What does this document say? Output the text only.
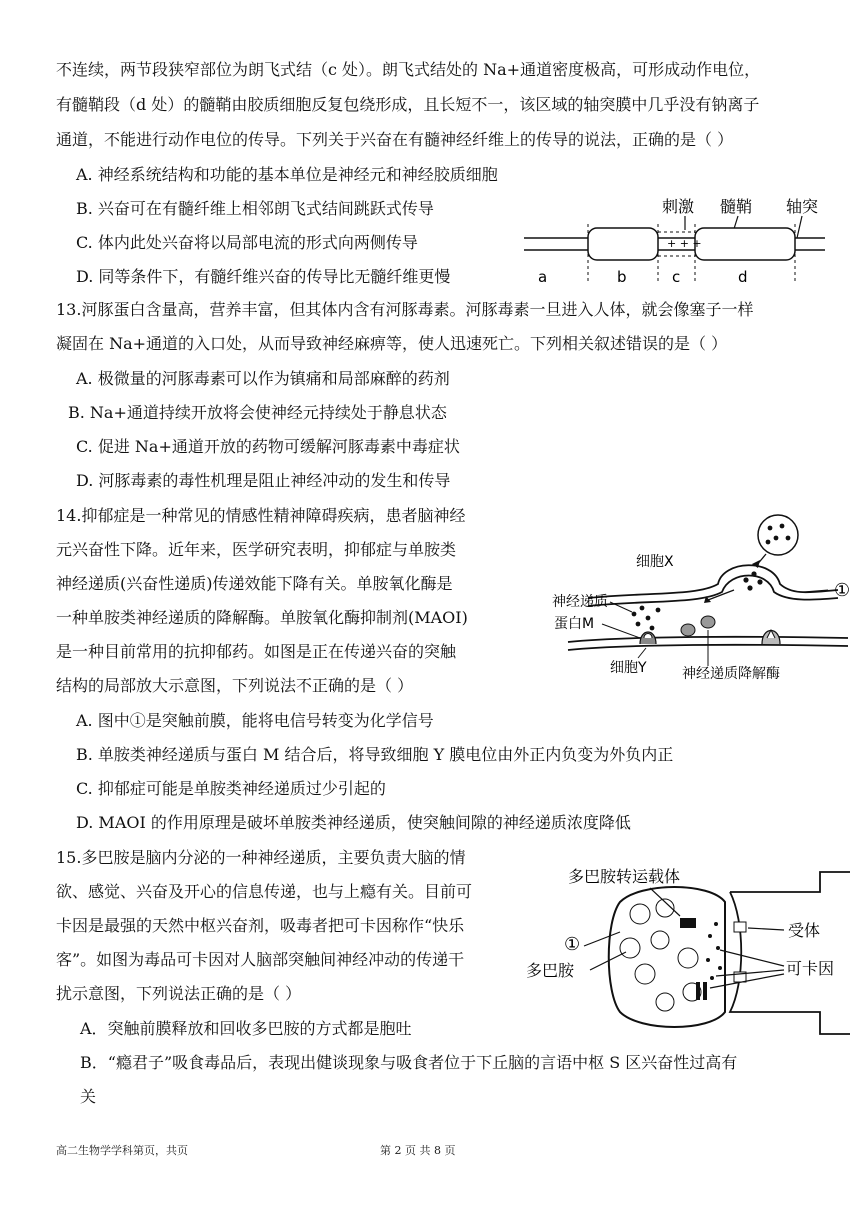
不连续，两节段狭窄部位为朗飞式结（c 处）。朗飞式结处的 Na+通道密度极高，可形成动作电位，
有髓鞘段（d 处）的髓鞘由胶质细胞反复包绕形成，且长短不一，该区域的轴突膜中几乎没有钠离子
通道，不能进行动作电位的传导。下列关于兴奋在有髓神经纤维上的传导的说法，正确的是（ ）
A. 神经系统结构和功能的基本单位是神经元和神经胶质细胞
B. 兴奋可在有髓纤维上相邻朗飞式结间跳跃式传导
C. 体内此处兴奋将以局部电流的形式向两侧传导
D. 同等条件下，有髓纤维兴奋的传导比无髓纤维更慢
刺激 髓鞘 轴突
+ + +
a	b	c	d
13.河豚蛋白含量高，营养丰富，但其体内含有河豚毒素。河豚毒素一旦进入人体，就会像塞子一样
凝固在 Na+通道的入口处，从而导致神经麻痹等，使人迅速死亡。下列相关叙述错误的是（ ）
A. 极微量的河豚毒素可以作为镇痛和局部麻醉的药剂
B. Na+通道持续开放将会使神经元持续处于静息状态
C. 促进 Na+通道开放的药物可缓解河豚毒素中毒症状
D. 河豚毒素的毒性机理是阻止神经冲动的发生和传导
14.抑郁症是一种常见的情感性精神障碍疾病，患者脑神经
元兴奋性下降。近年来，医学研究表明，抑郁症与单胺类
神经递质(兴奋性递质)传递效能下降有关。单胺氧化酶是
一种单胺类神经递质的降解酶。单胺氧化酶抑制剂(MAOI)
是一种目前常用的抗抑郁药。如图是正在传递兴奋的突触
结构的局部放大示意图，下列说法不正确的是（ ）
A. 图中①是突触前膜，能将电信号转变为化学信号
B. 单胺类神经递质与蛋白 M 结合后，将导致细胞 Y 膜电位由外正内负变为外负内正
C. 抑郁症可能是单胺类神经递质过少引起的
D. MAOI 的作用原理是破坏单胺类神经递质，使突触间隙的神经递质浓度降低
细胞X
①
神经递质
蛋白M
细胞Y	神经递质降解酶
15.多巴胺是脑内分泌的一种神经递质，主要负责大脑的情
欲、感觉、兴奋及开心的信息传递，也与上瘾有关。目前可
卡因是最强的天然中枢兴奋剂，吸毒者把可卡因称作“快乐
客”。如图为毒品可卡因对人脑部突触间神经冲动的传递干
扰示意图，下列说法正确的是（ ）
A．突触前膜释放和回收多巴胺的方式都是胞吐
B．“瘾君子”吸食毒品后，表现出健谈现象与吸食者位于下丘脑的言语中枢 S 区兴奋性过高有
关
多巴胺转运载体
受体
①
多巴胺	可卡因
高二生物学学科第页，共页	第 2 页 共 8 页
